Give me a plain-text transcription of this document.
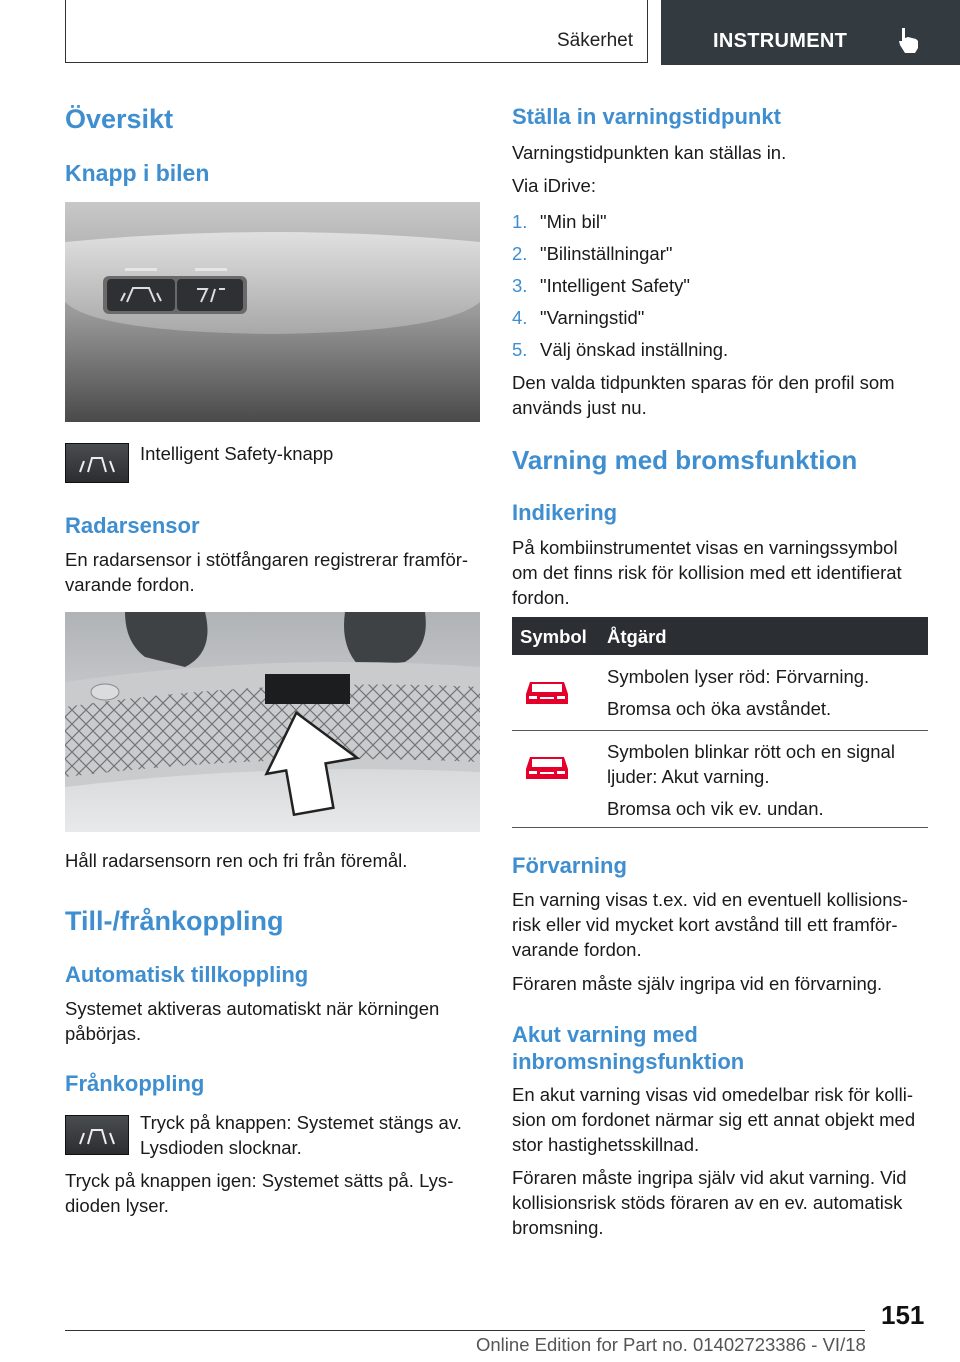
Säkerhet	INSTRUMENT
Översikt
Knapp i bilen

Intelligent Safety-knapp

Radarsensor

En radarsensor i stötfångaren registrerar framförvarande fordon.

Håll radarsensorn ren och fri från föremål.

Till-/frånkoppling
Automatisk tillkoppling

Systemet aktiveras automatiskt när körningen påbörjas.

Frånkoppling

Tryck på knappen: Systemet stängs av. Lysdioden slocknar.

Tryck på knappen igen: Systemet sätts på. Lysdioden lyser.

Ställa in varningstidpunkt

Varningstidpunkten kan ställas in.

Via iDrive:

1. "Min bil"
2. "Bilinställningar"
3. "Intelligent Safety"
4. "Varningstid"
5. Välj önskad inställning.

Den valda tidpunkten sparas för den profil som används just nu.

Varning med bromsfunktion
Indikering

På kombiinstrumentet visas en varningssymbol om det finns risk för kollision med ett identifierat fordon.

Symbol Åtgärd

Symbolen lyser röd: Förvarning.

Bromsa och öka avståndet.

Symbolen blinkar rött och en signal ljuder: Akut varning.

Bromsa och vik ev. undan.

Förvarning

En varning visas t.ex. vid en eventuell kollisionsrisk eller vid mycket kort avstånd till ett framförvarande fordon.

Föraren måste själv ingripa vid en förvarning.

Akut varning med inbromsningsfunktion

En akut varning visas vid omedelbar risk för kollision om fordonet närmar sig ett annat objekt med stor hastighetsskillnad.

Föraren måste ingripa själv vid akut varning. Vid kollisionsrisk stöds föraren av en ev. automatisk bromsning.

151
Online Edition for Part no. 01402723386 - VI/18
